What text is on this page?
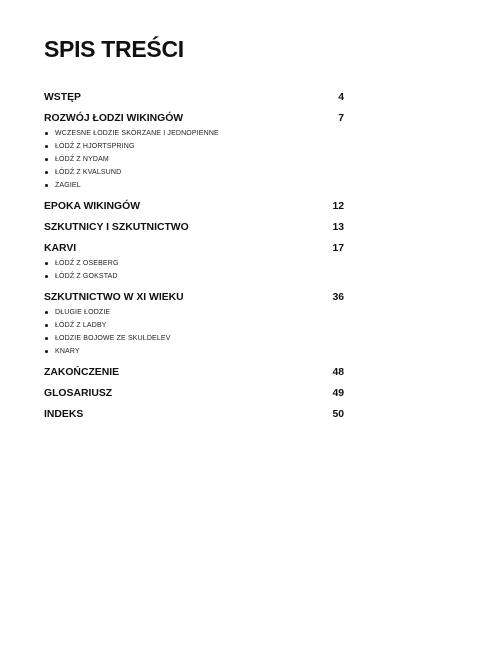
SPIS TREŚCI
WSTĘP	4
ROZWÓJ ŁODZI WIKINGÓW	7
WCZESNE ŁODZIE SKÓRZANE I JEDNOPIENNE
ŁÓDŹ Z HJORTSPRING
ŁÓDŹ Z NYDAM
ŁÓDŹ Z KVALSUND
ŻAGIEL
EPOKA WIKINGÓW	12
SZKUTNICY I SZKUTNICTWO	13
KARVI	17
ŁÓDŹ Z OSEBERG
ŁÓDŹ Z GOKSTAD
SZKUTNICTWO W XI WIEKU	36
DŁUGIE ŁODZIE
ŁÓDŹ Z LADBY
ŁODZIE BOJOWE ZE SKULDELEV
KNARY
ZAKOŃCZENIE	48
GLOSARIUSZ	49
INDEKS	50
